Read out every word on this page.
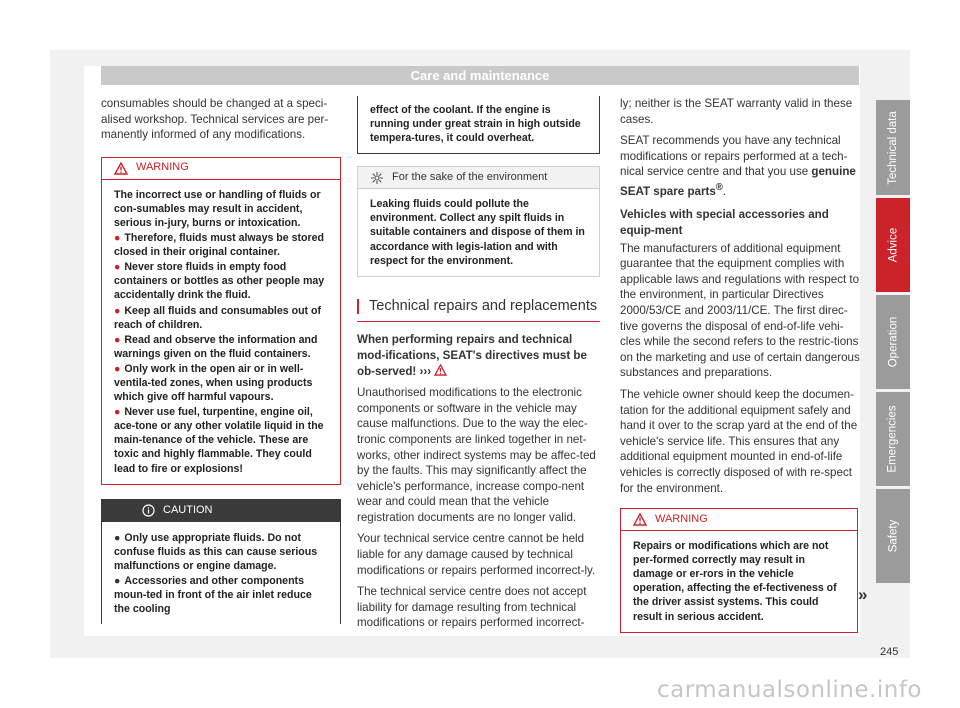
Care and maintenance

consumables should be changed at a speci-alised workshop. Technical services are per-manently informed of any modifications.

WARNING
The incorrect use or handling of fluids or con-sumables may result in accident, serious in-jury, burns or intoxication.
● Therefore, fluids must always be stored closed in their original container.
● Never store fluids in empty food containers or bottles as other people may accidentally drink the fluid.
● Keep all fluids and consumables out of reach of children.
● Read and observe the information and warnings given on the fluid containers.
● Only work in the open air or in well-ventila-ted zones, when using products which give off harmful vapours.
● Never use fuel, turpentine, engine oil, ace-tone or any other volatile liquid in the main-tenance of the vehicle. These are toxic and highly flammable. They could lead to fire or explosions!
CAUTION
● Only use appropriate fluids. Do not confuse fluids as this can cause serious malfunctions or engine damage.
● Accessories and other components moun-ted in front of the air inlet reduce the cooling
effect of the coolant. If the engine is running under great strain in high outside tempera-tures, it could overheat.
For the sake of the environment
Leaking fluids could pollute the environment. Collect any spilt fluids in suitable containers and dispose of them in accordance with legis-lation and with respect for the environment.
Technical repairs and replacements

When performing repairs and technical mod-ifications, SEAT's directives must be ob-served! ›››

Unauthorised modifications to the electronic components or software in the vehicle may cause malfunctions. Due to the way the elec-tronic components are linked together in net-works, other indirect systems may be affec-ted by the faults. This may significantly affect the vehicle's performance, increase compo-nent wear and could mean that the vehicle registration documents are no longer valid.

Your technical service centre cannot be held liable for any damage caused by technical modifications or repairs performed incorrect-ly.

The technical service centre does not accept liability for damage resulting from technical modifications or repairs performed incorrect-

ly; neither is the SEAT warranty valid in these cases.

SEAT recommends you have any technical modifications or repairs performed at a tech-nical service centre and that you use genuine SEAT spare parts®.

Vehicles with special accessories and equip-ment

The manufacturers of additional equipment guarantee that the equipment complies with applicable laws and regulations with respect to the environment, in particular Directives 2000/53/CE and 2003/11/CE. The first direc-tive governs the disposal of end-of-life vehi-cles while the second refers to the restric-tions on the marketing and use of certain dangerous substances and preparations.

The vehicle owner should keep the documen-tation for the additional equipment safely and hand it over to the scrap yard at the end of the vehicle's service life. This ensures that any additional equipment mounted in end-of-life vehicles is correctly disposed of with re-spect for the environment.

WARNING
Repairs or modifications which are not per-formed correctly may result in damage or er-rors in the vehicle operation, affecting the ef-fectiveness of the driver assist systems. This could result in serious accident.
»
Technical data
Advice
Operation
Emergencies
Safety
245
carmanualsonline.info
